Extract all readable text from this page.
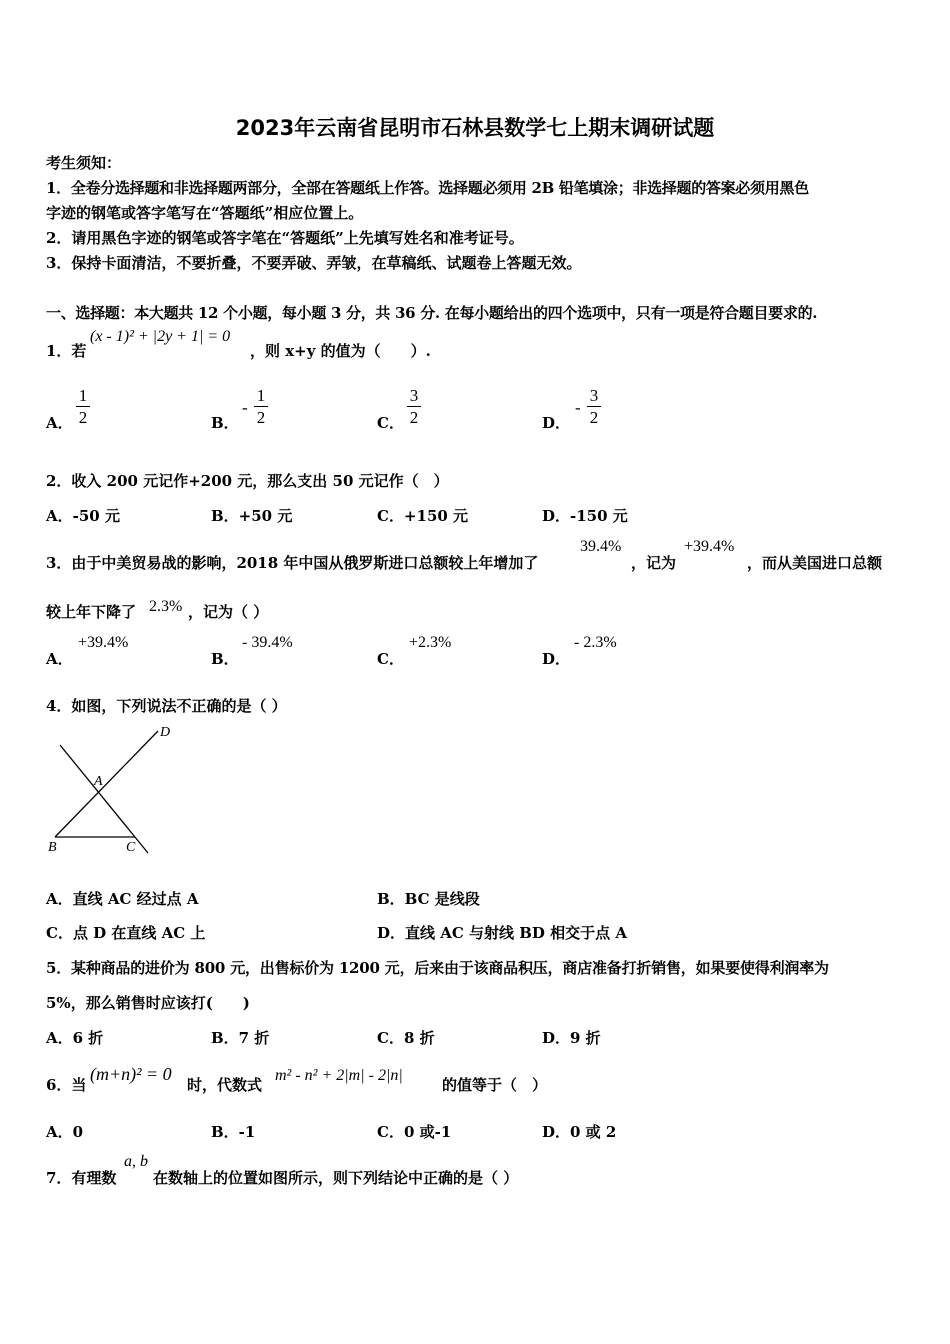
2023年云南省昆明市石林县数学七上期末调研试题
考生须知：
1．全卷分选择题和非选择题两部分，全部在答题纸上作答。选择题必须用 2B 铅笔填涂；非选择题的答案必须用黑色
字迹的钢笔或答字笔写在“答题纸”相应位置上。
2．请用黑色字迹的钢笔或答字笔在“答题纸”上先填写姓名和准考证号。
3．保持卡面清洁，不要折叠，不要弄破、弄皱，在草稿纸、试题卷上答题无效。
一、选择题：本大题共 12 个小题，每小题 3 分，共 36 分. 在每小题给出的四个选项中，只有一项是符合题目要求的.
1．若
(x - 1)² + |2y + 1| = 0
，则 x+y 的值为（　　）.
A．
1
2	B．
-
1
2	C．
3
2	D．
-
3
2
2．收入 200 元记作+200 元，那么支出 50 元记作（　）
A．-50 元	B．+50 元	C．+150 元	D．-150 元
3．由于中美贸易战的影响，2018 年中国从俄罗斯进口总额较上年增加了
39.4%
，记为
+39.4%
，而从美国进口总额
较上年下降了 2.3% ，记为（ ）
A．
+39.4%
B．
- 39.4%
C．
+2.3%
D．
- 2.3%
4．如图，下列说法不正确的是（ ）
D
A
B	C
A．直线 AC 经过点 A	B．BC 是线段
C．点 D 在直线 AC 上	D．直线 AC 与射线 BD 相交于点 A
5．某种商品的进价为 800 元，出售标价为 1200 元，后来由于该商品积压，商店准备打折销售，如果要使得利润率为
5%，那么销售时应该打(　　)
A．6 折	B．7 折	C．8 折	D．9 折
6．当
(m+n)² = 0
时，代数式
m² - n² + 2|m| - 2|n|
的值等于（　）
A．0	B．-1	C．0 或-1	D．0 或 2
7．有理数
a, b
在数轴上的位置如图所示，则下列结论中正确的是（ ）
